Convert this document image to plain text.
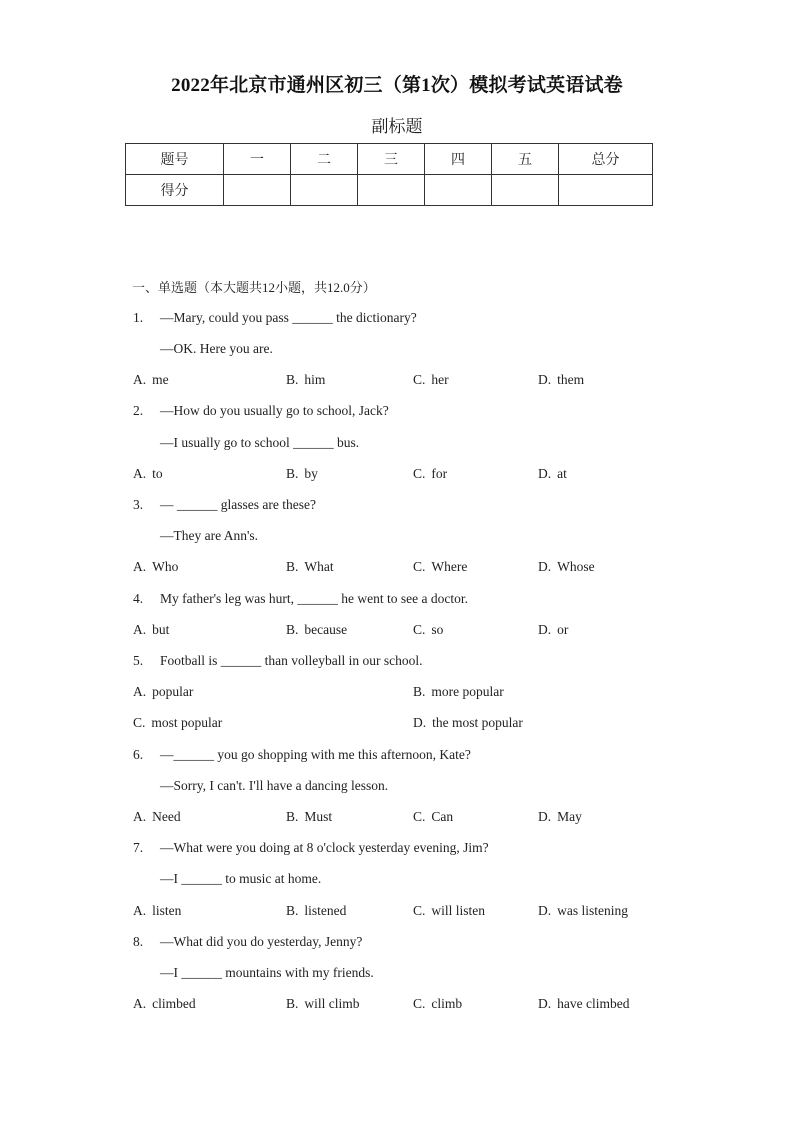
2022年北京市通州区初三（第1次）模拟考试英语试卷
副标题
题号	一	二	三	四	五	总分
得分						
一、单选题（本大题共12小题，共12.0分）
1. —Mary, could you pass ______ the dictionary?
—OK. Here you are.
A. me	B. him	C. her	D. them
2. —How do you usually go to school, Jack?
—I usually go to school ______ bus.
A. to	B. by	C. for	D. at
3. — ______ glasses are these?
—They are Ann's.
A. Who	B. What	C. Where	D. Whose
4. My father's leg was hurt, ______ he went to see a doctor.
A. but	B. because	C. so	D. or
5. Football is ______ than volleyball in our school.
A. popular	B. more popular
C. most popular	D. the most popular
6. —______ you go shopping with me this afternoon, Kate?
—Sorry, I can't. I'll have a dancing lesson.
A. Need	B. Must	C. Can	D. May
7. —What were you doing at 8 o'clock yesterday evening, Jim?
—I ______ to music at home.
A. listen	B. listened	C. will listen	D. was listening
8. —What did you do yesterday, Jenny?
—I ______ mountains with my friends.
A. climbed	B. will climb	C. climb	D. have climbed
